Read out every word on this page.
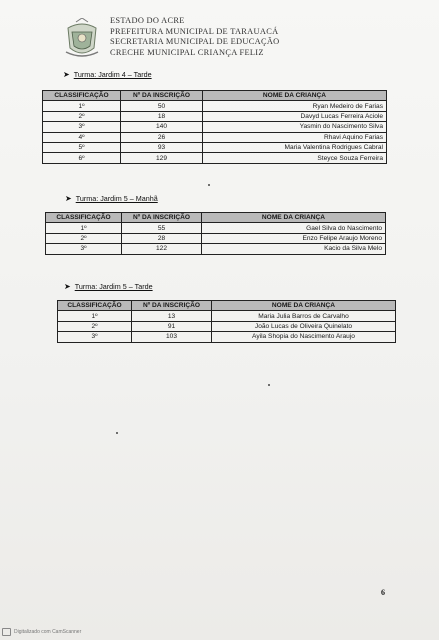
ESTADO DO ACRE
PREFEITURA MUNICIPAL DE TARAUACÁ
SECRETARIA MUNICIPAL DE EDUCAÇÃO
CRECHE MUNICIPAL CRIANÇA FELIZ
➤ Turma: Jardim 4 – Tarde
CLASSIFICAÇÃO	Nº DA INSCRIÇÃO	NOME DA CRIANÇA
1º	50	Ryan Medeiro de Farias
2º	18	Davyd Lucas Ferreira Aciole
3º	140	Yasmin do Nascimento Silva
4º	26	Rhavi Aquino Farias
5º	93	Maria Valentina Rodrigues Cabral
6º	129	Steyce Souza Ferreira
➤ Turma: Jardim 5 – Manhã
CLASSIFICAÇÃO	Nº DA INSCRIÇÃO	NOME DA CRIANÇA
1º	55	Gael Silva do Nascimento
2º	28	Enzo Felipe Araujo Moreno
3º	122	Kacio da Silva Melo
➤ Turma: Jardim 5 – Tarde
CLASSIFICAÇÃO	Nº DA INSCRIÇÃO	NOME DA CRIANÇA
1º	13	Maria Julia Barros de Carvalho
2º	91	João Lucas de Oliveira Quinelato
3º	103	Ayila Shopia do Nascimento Araujo
6
Digitalizado com CamScanner
